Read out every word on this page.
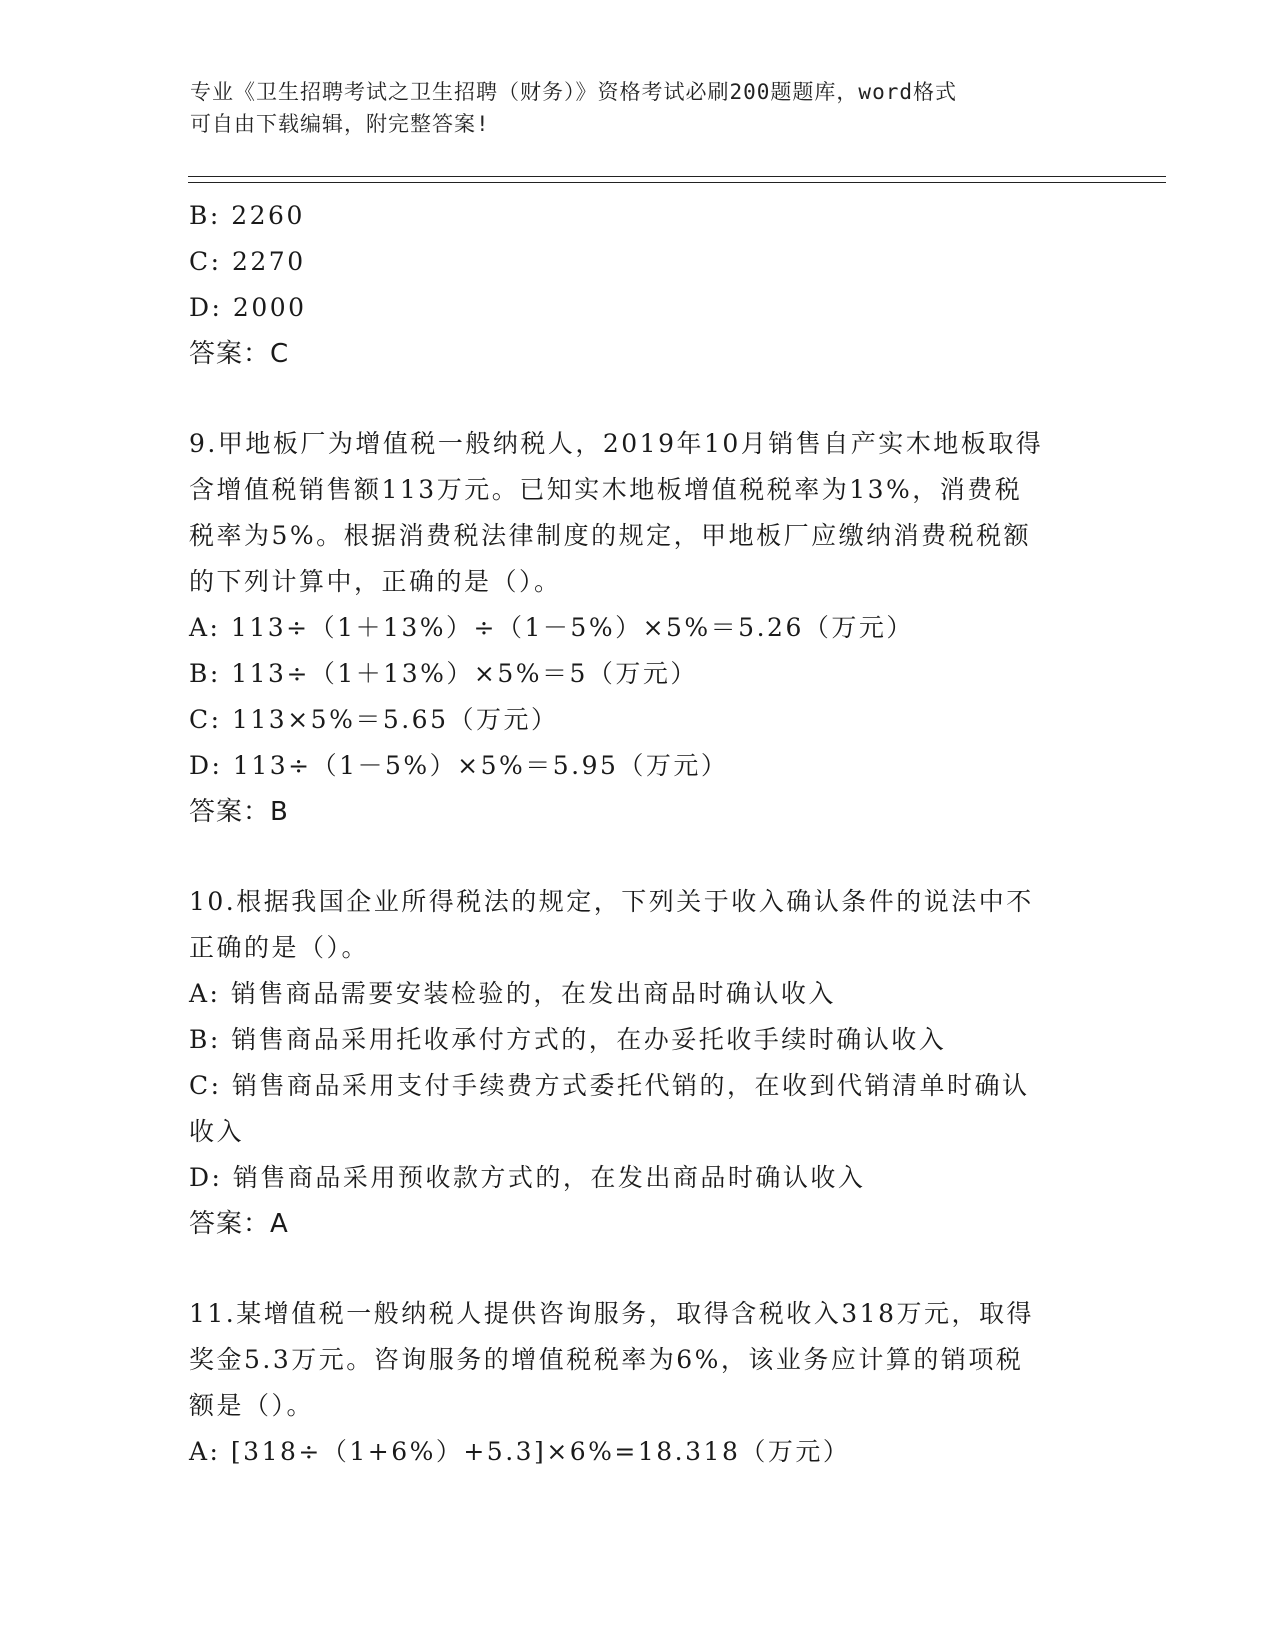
专业《卫生招聘考试之卫生招聘（财务）》资格考试必刷200题题库，word格式
可自由下载编辑，附完整答案!
B: 2260
C: 2270
D: 2000
答案：C
9.甲地板厂为增值税一般纳税人，2019年10月销售自产实木地板取得
含增值税销售额113万元。已知实木地板增值税税率为13%，消费税
税率为5%。根据消费税法律制度的规定，甲地板厂应缴纳消费税税额
的下列计算中，正确的是（）。
A: 113÷（1＋13%）÷（1－5%）×5%＝5.26（万元）
B: 113÷（1＋13%）×5%＝5（万元）
C: 113×5%＝5.65（万元）
D: 113÷（1－5%）×5%＝5.95（万元）
答案：B
10.根据我国企业所得税法的规定，下列关于收入确认条件的说法中不
正确的是（）。
A: 销售商品需要安装检验的，在发出商品时确认收入
B: 销售商品采用托收承付方式的，在办妥托收手续时确认收入
C: 销售商品采用支付手续费方式委托代销的，在收到代销清单时确认
收入
D: 销售商品采用预收款方式的，在发出商品时确认收入
答案：A
11.某增值税一般纳税人提供咨询服务，取得含税收入318万元，取得
奖金5.3万元。咨询服务的增值税税率为6%，该业务应计算的销项税
额是（）。
A: [318÷（1+6%）+5.3]×6%=18.318（万元）
